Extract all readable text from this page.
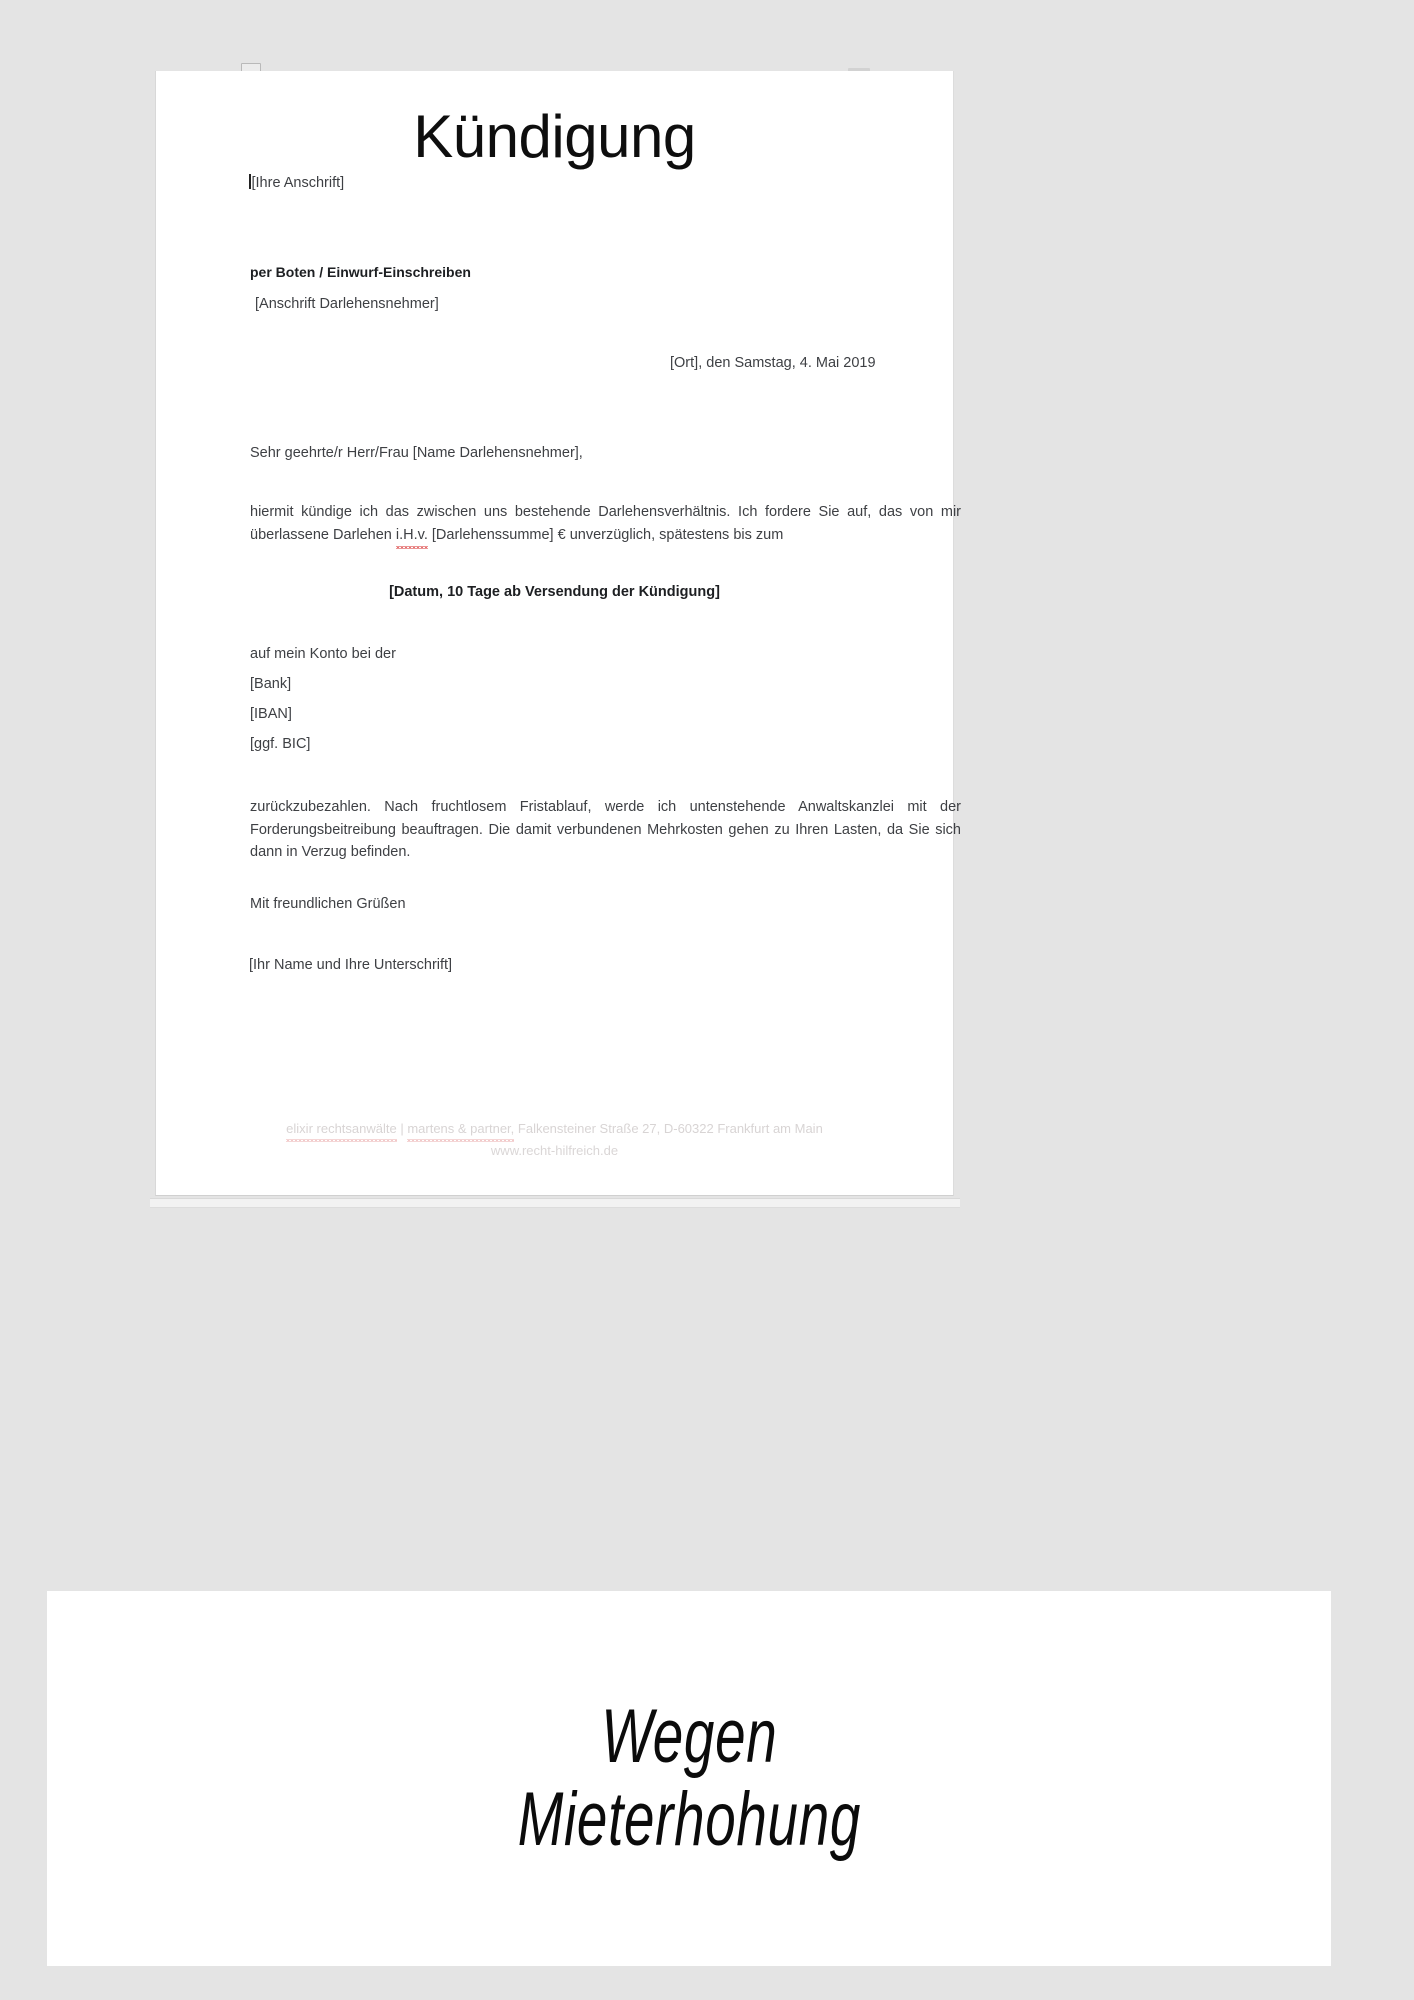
Kündigung
[Ihre Anschrift]
per Boten / Einwurf-Einschreiben
[Anschrift Darlehensnehmer]
[Ort], den Samstag, 4. Mai 2019
Sehr geehrte/r Herr/Frau [Name Darlehensnehmer],
hiermit kündige ich das zwischen uns bestehende Darlehensverhältnis. Ich fordere Sie auf, das von mir überlassene Darlehen i.H.v. [Darlehenssumme] € unverzüglich, spätestens bis zum
[Datum, 10 Tage ab Versendung der Kündigung]
auf mein Konto bei der
[Bank]
[IBAN]
[ggf. BIC]
zurückzubezahlen. Nach fruchtlosem Fristablauf, werde ich untenstehende Anwaltskanzlei mit der Forderungsbeitreibung beauftragen. Die damit verbundenen Mehrkosten gehen zu Ihren Lasten, da Sie sich dann in Verzug befinden.
Mit freundlichen Grüßen
[Ihr Name und Ihre Unterschrift]
elixir rechtsanwälte | martens & partner, Falkensteiner Straße 27, D-60322 Frankfurt am Main
www.recht-hilfreich.de
Wegen
Mieterhohung
